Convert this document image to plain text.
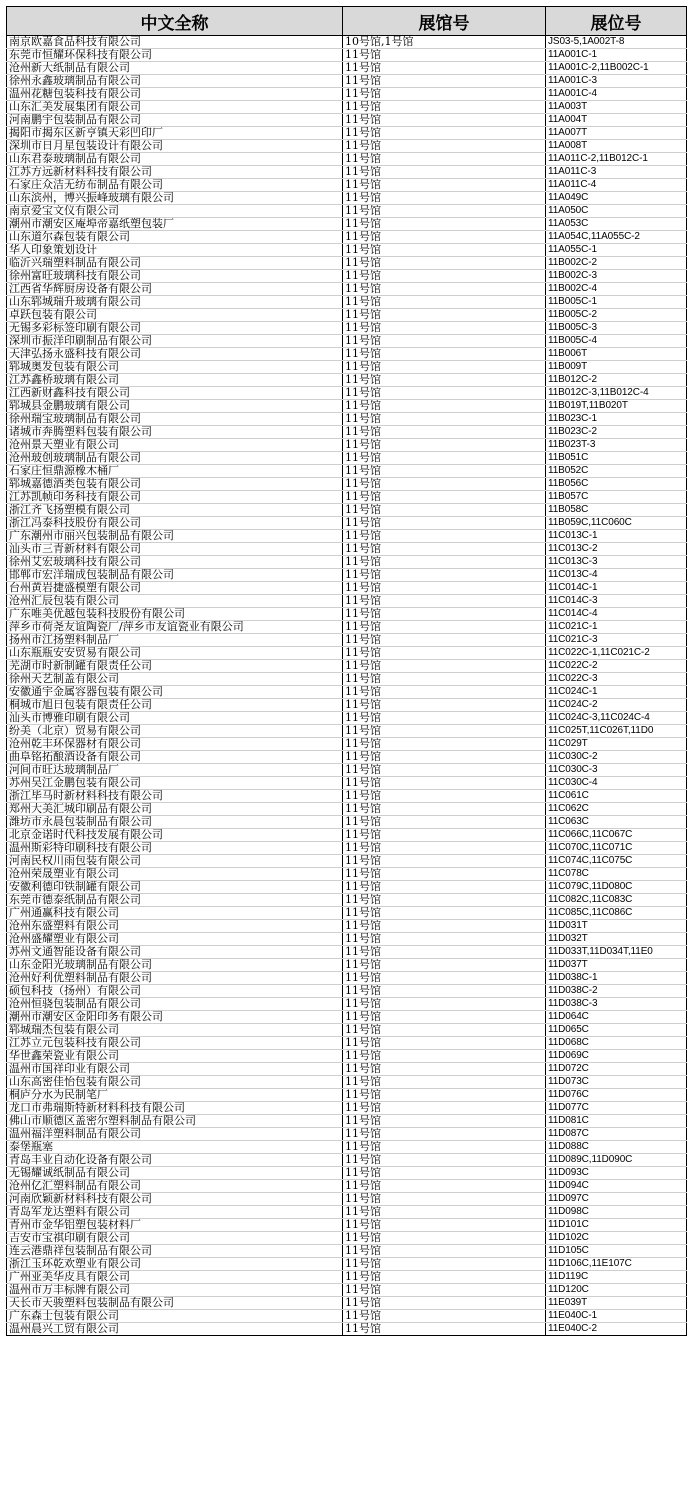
中文全称	展馆号	展位号
南京欧嘉食品科技有限公司	10号馆,1号馆	JS03-5,1A002T-8
东莞市恒耀环保科技有限公司	11号馆	11A001C-1
沧州新大纸制品有限公司	11号馆	11A001C-2,11B002C-1
徐州永鑫玻璃制品有限公司	11号馆	11A001C-3
温州花糖包装科技有限公司	11号馆	11A001C-4
山东汇美发展集团有限公司	11号馆	11A003T
河南鹏宇包装制品有限公司	11号馆	11A004T
揭阳市揭东区新亨镇天彩凹印厂	11号馆	11A007T
深圳市日月星包装设计有限公司	11号馆	11A008T
山东君泰玻璃制品有限公司	11号馆	11A011C-2,11B012C-1
江苏方远新材料科技有限公司	11号馆	11A011C-3
石家庄众洁无纺布制品有限公司	11号馆	11A011C-4
山东滨州，博兴振峰玻璃有限公司	11号馆	11A049C
南京爱宝文仪有限公司	11号馆	11A050C
潮州市潮安区庵埠帝嘉纸塑包装厂	11号馆	11A053C
山东道尔森包装有限公司	11号馆	11A054C,11A055C-2
华人印象策划设计	11号馆	11A055C-1
临沂兴瑞塑料制品有限公司	11号馆	11B002C-2
徐州富旺玻璃科技有限公司	11号馆	11B002C-3
江西省华辉厨房设备有限公司	11号馆	11B002C-4
山东郓城瑞升玻璃有限公司	11号馆	11B005C-1
卓跃包装有限公司	11号馆	11B005C-2
无锡多彩标签印刷有限公司	11号馆	11B005C-3
深圳市振洋印刷制品有限公司	11号馆	11B005C-4
天津弘扬永盛科技有限公司	11号馆	11B006T
郓城奥发包装有限公司	11号馆	11B009T
江苏鑫桥玻璃有限公司	11号馆	11B012C-2
江西新财鑫科技有限公司	11号馆	11B012C-3,11B012C-4
郓城县金鹏玻璃有限公司	11号馆	11B019T,11B020T
徐州瑞宝玻璃制品有限公司	11号馆	11B023C-1
诸城市奔腾塑料包装有限公司	11号馆	11B023C-2
沧州景天塑业有限公司	11号馆	11B023T-3
沧州玻创玻璃制品有限公司	11号馆	11B051C
石家庄恒鼎源橡木桶厂	11号馆	11B052C
郓城嘉德酒类包装有限公司	11号馆	11B056C
江苏凯帧印务科技有限公司	11号馆	11B057C
浙江齐飞扬塑模有限公司	11号馆	11B058C
浙江冯泰科技股份有限公司	11号馆	11B059C,11C060C
广东潮州市丽兴包装制品有限公司	11号馆	11C013C-1
汕头市三青新材料有限公司	11号馆	11C013C-2
徐州艾宏玻璃科技有限公司	11号馆	11C013C-3
邯郸市宏洋瑞成包装制品有限公司	11号馆	11C013C-4
台州黄岩捷盛模塑有限公司	11号馆	11C014C-1
沧州汇辰包装有限公司	11号馆	11C014C-3
广东唯美优越包装科技股份有限公司	11号馆	11C014C-4
萍乡市荷尧友谊陶瓷厂/萍乡市友谊瓷业有限公司	11号馆	11C021C-1
扬州市江扬塑料制品厂	11号馆	11C021C-3
山东瓶瓶安安贸易有限公司	11号馆	11C022C-1,11C021C-2
芜湖市时新制罐有限责任公司	11号馆	11C022C-2
徐州天艺制盖有限公司	11号馆	11C022C-3
安徽通宇金属容器包装有限公司	11号馆	11C024C-1
桐城市旭日包装有限责任公司	11号馆	11C024C-2
汕头市博雅印刷有限公司	11号馆	11C024C-3,11C024C-4
纷美（北京）贸易有限公司	11号馆	11C025T,11C026T,11D0
沧州乾丰环保器材有限公司	11号馆	11C029T
曲阜铭拓酿酒设备有限公司	11号馆	11C030C-2
河间市旺达玻璃制品厂	11号馆	11C030C-3
苏州吴江金鹏包装有限公司	11号馆	11C030C-4
浙江毕马时新材料科技有限公司	11号馆	11C061C
郑州大美汇城印刷品有限公司	11号馆	11C062C
潍坊市永晨包装制品有限公司	11号馆	11C063C
北京金诺时代科技发展有限公司	11号馆	11C066C,11C067C
温州斯彩特印刷科技有限公司	11号馆	11C070C,11C071C
河南民权川雨包装有限公司	11号馆	11C074C,11C075C
沧州荣晟塑业有限公司	11号馆	11C078C
安徽利德印铁制罐有限公司	11号馆	11C079C,11D080C
东莞市德泰纸制品有限公司	11号馆	11C082C,11C083C
广州通赢科技有限公司	11号馆	11C085C,11C086C
沧州东盛塑料有限公司	11号馆	11D031T
沧州盛耀塑业有限公司	11号馆	11D032T
苏州文通智能设备有限公司	11号馆	11D033T,11D034T,11E0
山东金阳光玻璃制品有限公司	11号馆	11D037T
沧州好利优塑料制品有限公司	11号馆	11D038C-1
硕包科技（扬州）有限公司	11号馆	11D038C-2
沧州恒骁包装制品有限公司	11号馆	11D038C-3
潮州市潮安区金阳印务有限公司	11号馆	11D064C
郓城瑞杰包装有限公司	11号馆	11D065C
江苏立元包装科技有限公司	11号馆	11D068C
华世鑫荣瓷业有限公司	11号馆	11D069C
温州市国祥印业有限公司	11号馆	11D072C
山东高密佳怡包装有限公司	11号馆	11D073C
桐庐分水为民制笔厂	11号馆	11D076C
龙口市弗瑞斯特新材料科技有限公司	11号馆	11D077C
佛山市顺德区盖密尔塑料制品有限公司	11号馆	11D081C
温州福洋塑料制品有限公司	11号馆	11D087C
泰堡瓶塞	11号馆	11D088C
青岛丰业自动化设备有限公司	11号馆	11D089C,11D090C
无锡耀诚纸制品有限公司	11号馆	11D093C
沧州亿汇塑料制品有限公司	11号馆	11D094C
河南欣颖新材料科技有限公司	11号馆	11D097C
青岛军龙达塑料有限公司	11号馆	11D098C
青州市金华铝塑包装材料厂	11号馆	11D101C
吉安市宝祺印刷有限公司	11号馆	11D102C
连云港鼎祥包装制品有限公司	11号馆	11D105C
浙江玉环乾欢塑业有限公司	11号馆	11D106C,11E107C
广州亚美华皮具有限公司	11号馆	11D119C
温州市万丰标牌有限公司	11号馆	11D120C
天长市天骏塑料包装制品有限公司	11号馆	11E039T
广东森士包装有限公司	11号馆	11E040C-1
温州晨兴工贸有限公司	11号馆	11E040C-2
